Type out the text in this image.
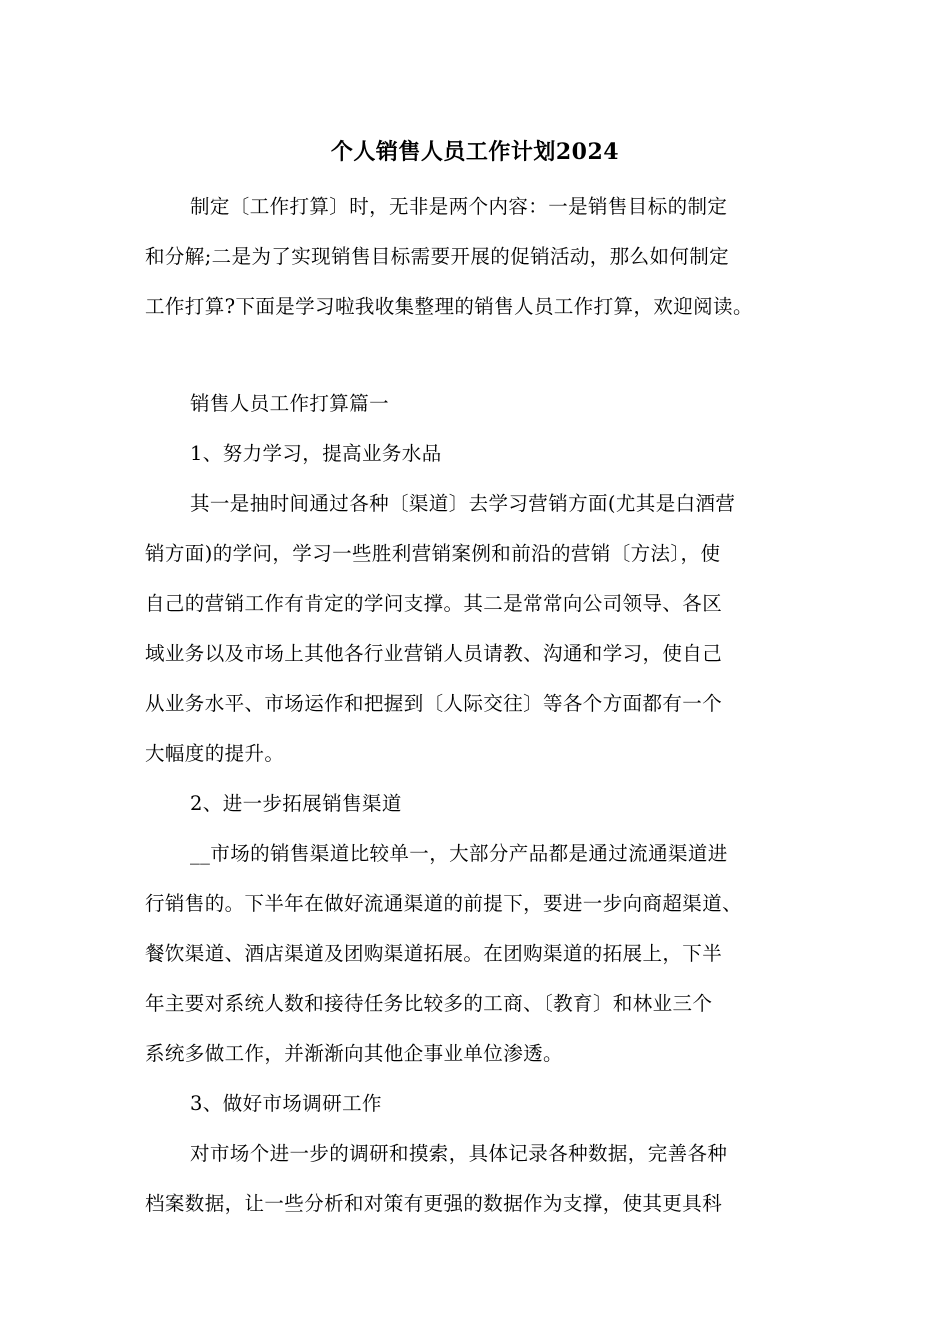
个人销售人员工作计划2024
制定〔工作打算〕时，无非是两个内容：一是销售目标的制定
和分解;二是为了实现销售目标需要开展的促销活动，那么如何制定
工作打算?下面是学习啦我收集整理的销售人员工作打算，欢迎阅读。
销售人员工作打算篇一
1、努力学习，提高业务水品
其一是抽时间通过各种〔渠道〕去学习营销方面(尤其是白酒营
销方面)的学问，学习一些胜利营销案例和前沿的营销〔方法〕，使
自己的营销工作有肯定的学问支撑。其二是常常向公司领导、各区
域业务以及市场上其他各行业营销人员请教、沟通和学习，使自己
从业务水平、市场运作和把握到〔人际交往〕等各个方面都有一个
大幅度的提升。
2、进一步拓展销售渠道
__市场的销售渠道比较单一，大部分产品都是通过流通渠道进
行销售的。下半年在做好流通渠道的前提下，要进一步向商超渠道、
餐饮渠道、酒店渠道及团购渠道拓展。在团购渠道的拓展上，下半
年主要对系统人数和接待任务比较多的工商、〔教育〕和林业三个
系统多做工作，并渐渐向其他企事业单位渗透。
3、做好市场调研工作
对市场个进一步的调研和摸索，具体记录各种数据，完善各种
档案数据，让一些分析和对策有更强的数据作为支撑，使其更具科
